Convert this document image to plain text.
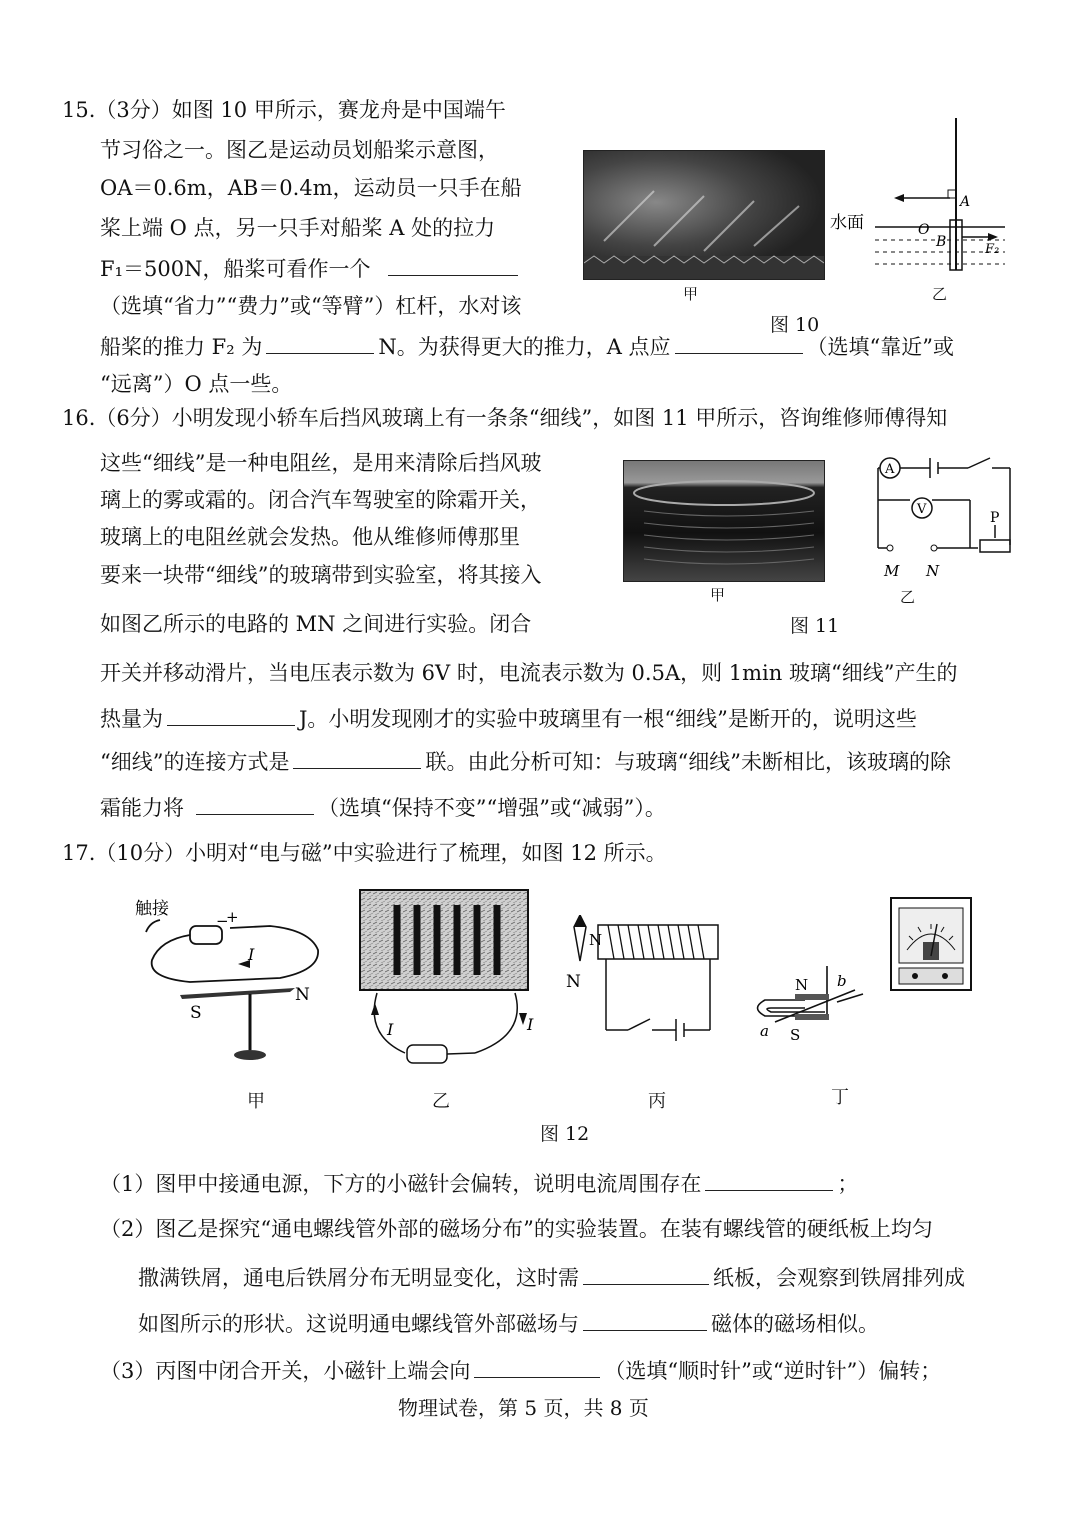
15.（3分）如图 10 甲所示，赛龙舟是中国端午
节习俗之一。图乙是运动员划船桨示意图，
OA＝0.6m，AB＝0.4m，运动员一只手在船
桨上端 O 点，另一只手对船桨 A 处的拉力
F₁＝500N，船桨可看作一个
（选填“省力”“费力”或“等臂”）杠杆，水对该
船桨的推力 F₂ 为	N。为获得更大的推力，A 点应	（选填“靠近”或
“远离”）O 点一些。
甲
水面	O
A
B	F₂
乙
图 10
16.（6分）小明发现小轿车后挡风玻璃上有一条条“细线”，如图 11 甲所示，咨询维修师傅得知
这些“细线”是一种电阻丝，是用来清除后挡风玻
璃上的雾或霜的。闭合汽车驾驶室的除霜开关，
玻璃上的电阻丝就会发热。他从维修师傅那里
要来一块带“细线”的玻璃带到实验室，将其接入
如图乙所示的电路的 MN 之间进行实验。闭合
甲
A
V
P
M N
乙
图 11
开关并移动滑片，当电压表示数为 6V 时，电流表示数为 0.5A，则 1min 玻璃“细线”产生的
热量为	J。小明发现刚才的实验中玻璃里有一根“细线”是断开的，说明这些
“细线”的连接方式是	联。由此分析可知：与玻璃“细线”未断相比，该玻璃的除
霜能力将	（选填“保持不变”“增强”或“减弱”）。
17.（10分）小明对“电与磁”中实验进行了梳理，如图 12 所示。
触接
−
+
I
S
N
甲
I	I
乙
N
N
丙
N
S
a
b
丁
图 12
（1）图甲中接通电源，下方的小磁针会偏转，说明电流周围存在	；
（2）图乙是探究“通电螺线管外部的磁场分布”的实验装置。在装有螺线管的硬纸板上均匀
撒满铁屑，通电后铁屑分布无明显变化，这时需	纸板，会观察到铁屑排列成
如图所示的形状。这说明通电螺线管外部磁场与	磁体的磁场相似。
（3）丙图中闭合开关，小磁针上端会向	（选填“顺时针”或“逆时针”）偏转；
物理试卷，第 5 页，共 8 页
